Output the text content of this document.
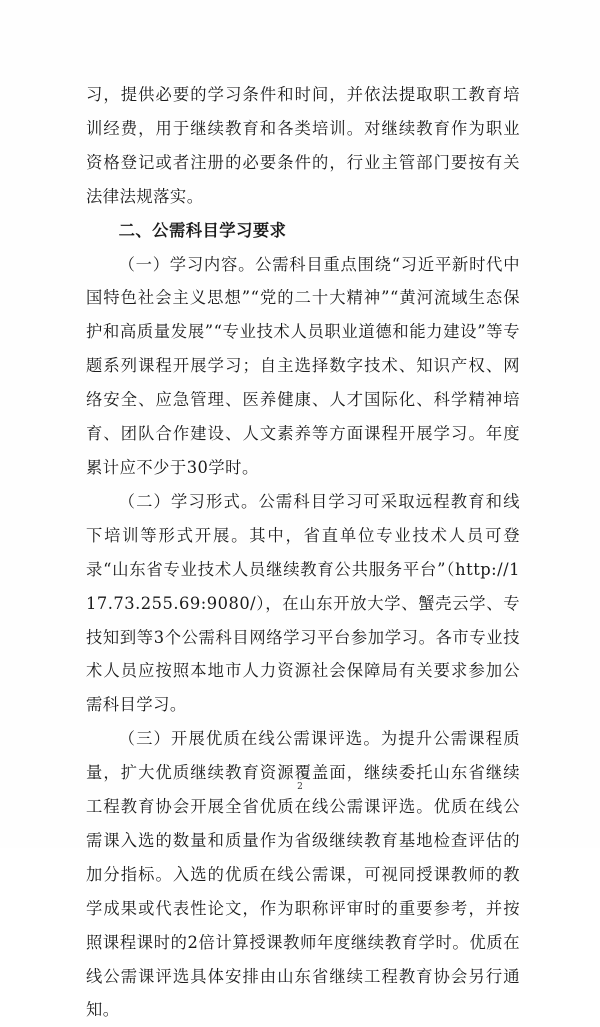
习，提供必要的学习条件和时间，并依法提取职工教育培训经费，用于继续教育和各类培训。对继续教育作为职业资格登记或者注册的必要条件的，行业主管部门要按有关法律法规落实。

二、公需科目学习要求

（一）学习内容。公需科目重点围绕“习近平新时代中国特色社会主义思想”“党的二十大精神”“黄河流域生态保护和高质量发展”“专业技术人员职业道德和能力建设”等专题系列课程开展学习；自主选择数字技术、知识产权、网络安全、应急管理、医养健康、人才国际化、科学精神培育、团队合作建设、人文素养等方面课程开展学习。年度累计应不少于30学时。

（二）学习形式。公需科目学习可采取远程教育和线下培训等形式开展。其中，省直单位专业技术人员可登录“山东省专业技术人员继续教育公共服务平台”（http://117.73.255.69:9080/），在山东开放大学、蟹壳云学、专技知到等3个公需科目网络学习平台参加学习。各市专业技术人员应按照本地市人力资源社会保障局有关要求参加公需科目学习。

（三）开展优质在线公需课评选。为提升公需课程质量，扩大优质继续教育资源覆盖面，继续委托山东省继续工程教育协会开展全省优质在线公需课评选。优质在线公需课入选的数量和质量作为省级继续教育基地检查评估的加分指标。入选的优质在线公需课，可视同授课教师的教学成果或代表性论文，作为职称评审时的重要参考，并按照课程课时的2倍计算授课教师年度继续教育学时。优质在线公需课评选具体安排由山东省继续工程教育协会另行通知。

2
